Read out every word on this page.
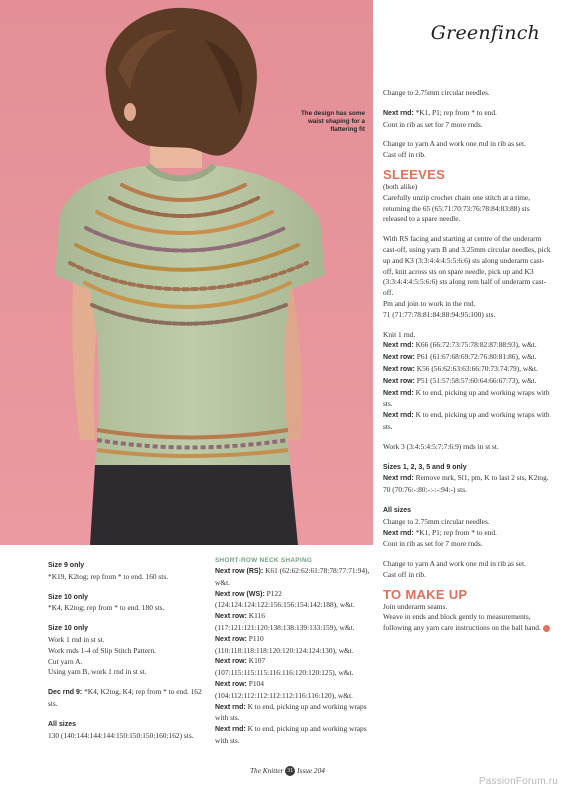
The design has some waist shaping for a flattering fit
Greenfinch

Change to 2.75mm circular needles.

Next rnd: *K1, P1; rep from * to end.

Cont in rib as set for 7 more rnds.

Change to yarn A and work one rnd in rib as set.

Cast off in rib.

SLEEVES

(both alike)

Carefully unzip crochet chain one stitch at a time, returning the 65 (65:71:70:73:76:78:84:83:88) sts released to a spare needle.

With RS facing and starting at centre of the underarm cast-off, using yarn B and 3.25mm circular needles, pick up and K3 (3:3:4:4:4:5:5:6:6) sts along underarm cast-off, knit across sts on spare needle, pick up and K3 (3:3:4:4:4:5:5:6:6) sts along rem half of underarm cast-off.

Pm and join to work in the rnd.

71 (71:77:78:81:84:88:94:95:100) sts.

Knit 1 rnd.

Next rnd: K66 (66:72:73:75:78:82:87:88:93), w&t.

Next row: P61 (61:67:68:69:72:76:80:81:86), w&t.

Next row: K56 (56:62:63:63:66:70:73:74:79), w&t.

Next row: P51 (51:57:58:57:60:64:66:67:73), w&t.

Next rnd: K to end, picking up and working wraps with sts.

Next rnd: K to end, picking up and working wraps with sts.

Work 3 (3:4:5:4:5:7:7:6:9) rnds in st st.

Sizes 1, 2, 3, 5 and 9 only

Next rnd: Remove mrk, Sl1, pm, K to last 2 sts, K2tog.

70 (70:76:-:80:-:-:-:94:-) sts.

All sizes

Change to 2.75mm circular needles.

Next rnd: *K1, P1; rep from * to end.

Cont in rib as set for 7 more rnds.

Change to yarn A and work one rnd in rib as set.

Cast off in rib.

TO MAKE UP

Join underarm seams.

Weave in ends and block gently to measurements, following any yarn care instructions on the ball band.

Size 9 only

*K19, K2tog; rep from * to end. 160 sts.

Size 10 only

*K4, K2tog; rep from * to end. 180 sts.

Size 10 only

Work 1 rnd in st st.

Work rnds 1-4 of Slip Stitch Pattern.

Cut yarn A.

Using yarn B, work 1 rnd in st st.

Dec rnd 9: *K4, K2tog, K4; rep from * to end. 162 sts.

All sizes

130 (140:144:144:144:150:150:150:160:162) sts.

SHORT-ROW NECK SHAPING

Next row (RS): K61 (62:62:62:61:78:78:77:71:94), w&t.

Next row (WS): P122 (124:124:124:122:156:156:154:142:188), w&t.

Next row: K116 (117:121:121:120:138:138:139:133:159), w&t.

Next row: P110 (110:118:118:118:120:120:124:124:130), w&t.

Next row: K107 (107:115:115:115:116:116:120:120:125), w&t.

Next row: P104 (104:112:112:112:112:112:116:116:120), w&t.

Next rnd: K to end, picking up and working wraps with sts.

Next rnd: K to end, picking up and working wraps with sts.

The Knitter 31 Issue 204
PassionForum.ru
